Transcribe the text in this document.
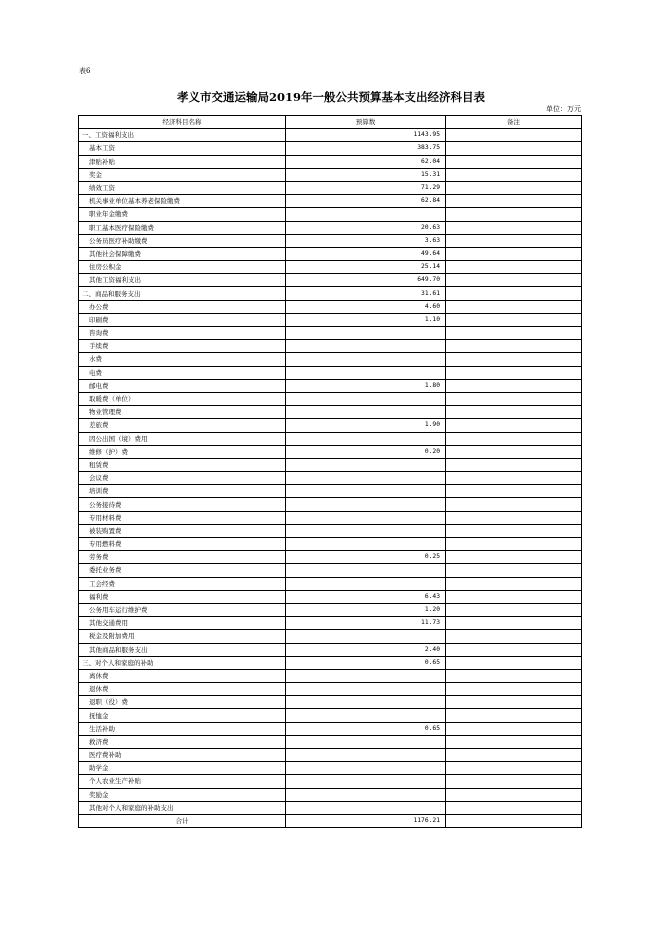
表6
孝义市交通运输局2019年一般公共预算基本支出经济科目表
单位：万元
经济科目名称	预算数	备注
一、工资福利支出	1143.95	
基本工资	383.75	
津贴补贴	62.04	
奖金	15.31	
绩效工资	71.29	
机关事业单位基本养老保险缴费	62.84	
职业年金缴费		
职工基本医疗保险缴费	20.63	
公务员医疗补助缴费	3.63	
其他社会保障缴费	49.64	
住房公积金	25.14	
其他工资福利支出	649.70	
二、商品和服务支出	31.61	
办公费	4.60	
印刷费	1.10	
咨询费		
手续费		
水费		
电费		
邮电费	1.80	
取暖费（单位）		
物业管理费		
差旅费	1.90	
因公出国（境）费用		
维修（护）费	0.20	
租赁费		
会议费		
培训费		
公务接待费		
专用材料费		
被装购置费		
专用燃料费		
劳务费	0.25	
委托业务费		
工会经费		
福利费	6.43	
公务用车运行维护费	1.20	
其他交通费用	11.73	
税金及附加费用		
其他商品和服务支出	2.40	
三、对个人和家庭的补助	0.65	
离休费		
退休费		
退职（役）费		
抚恤金		
生活补助	0.65	
救济费		
医疗费补助		
助学金		
个人农业生产补贴		
奖励金		
其他对个人和家庭的补助支出		
合计	1176.21	
